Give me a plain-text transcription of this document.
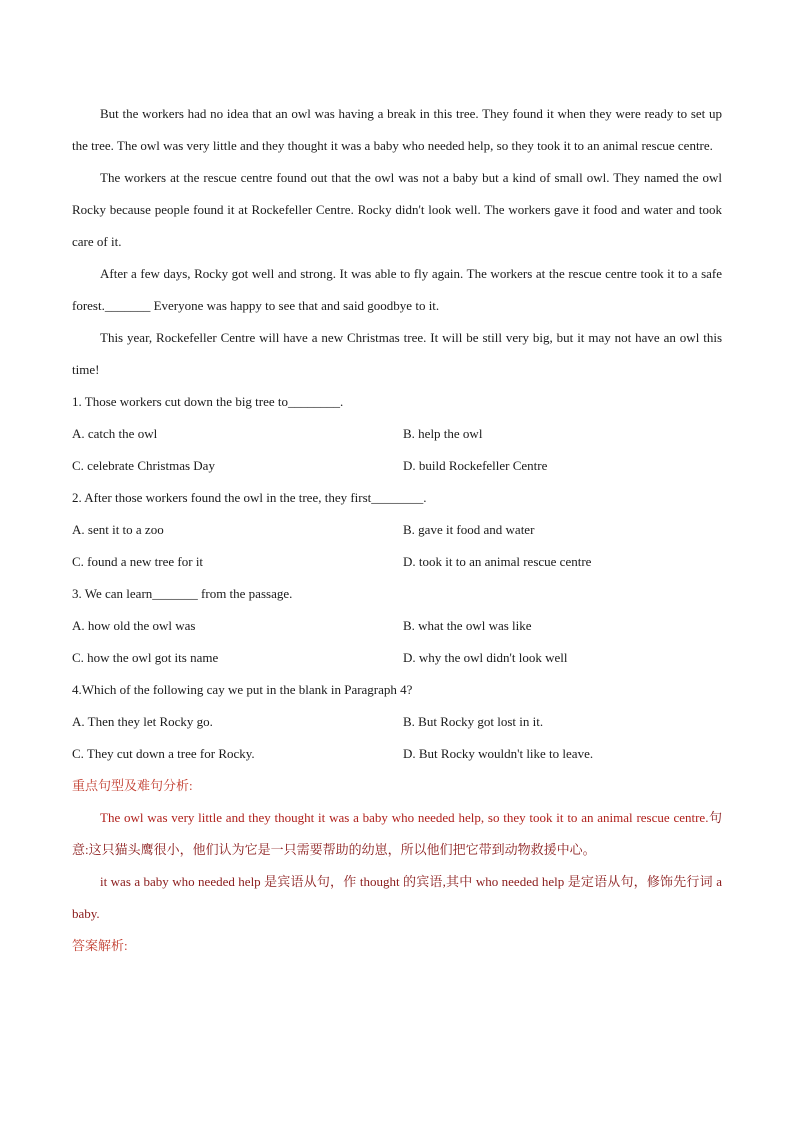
But the workers had no idea that an owl was having a break in this tree. They found it when they were ready to set up the tree. The owl was very little and they thought it was a baby who needed help, so they took it to an animal rescue centre.

The workers at the rescue centre found out that the owl was not a baby but a kind of small owl. They named the owl Rocky because people found it at Rockefeller Centre. Rocky didn't look well. The workers gave it food and water and took care of it.

After a few days, Rocky got well and strong. It was able to fly again. The workers at the rescue centre took it to a safe forest._______ Everyone was happy to see that and said goodbye to it.

This year, Rockefeller Centre will have a new Christmas tree. It will be still very big, but it may not have an owl this time!

1. Those workers cut down the big tree to________.

A. catch the owl	B. help the owl
C. celebrate Christmas Day	D. build Rockefeller Centre

2. After those workers found the owl in the tree, they first________.

A. sent it to a zoo	B. gave it food and water
C. found a new tree for it	D. took it to an animal rescue centre

3. We can learn_______ from the passage.

A. how old the owl was	B. what the owl was like
C. how the owl got its name	D. why the owl didn't look well

4.Which of the following cay we put in the blank in Paragraph 4?

A. Then they let Rocky go.	B. But Rocky got lost in it.
C. They cut down a tree for Rocky.	D. But Rocky wouldn't like to leave.

重点句型及难句分析:

The owl was very little and they thought it was a baby who needed help, so they took it to an animal rescue centre.句意:这只猫头鹰很小，他们认为它是一只需要帮助的幼崽，所以他们把它带到动物救援中心。

it was a baby who needed help 是宾语从句，作 thought 的宾语,其中 who needed help 是定语从句，修饰先行词 a baby.

答案解析:
